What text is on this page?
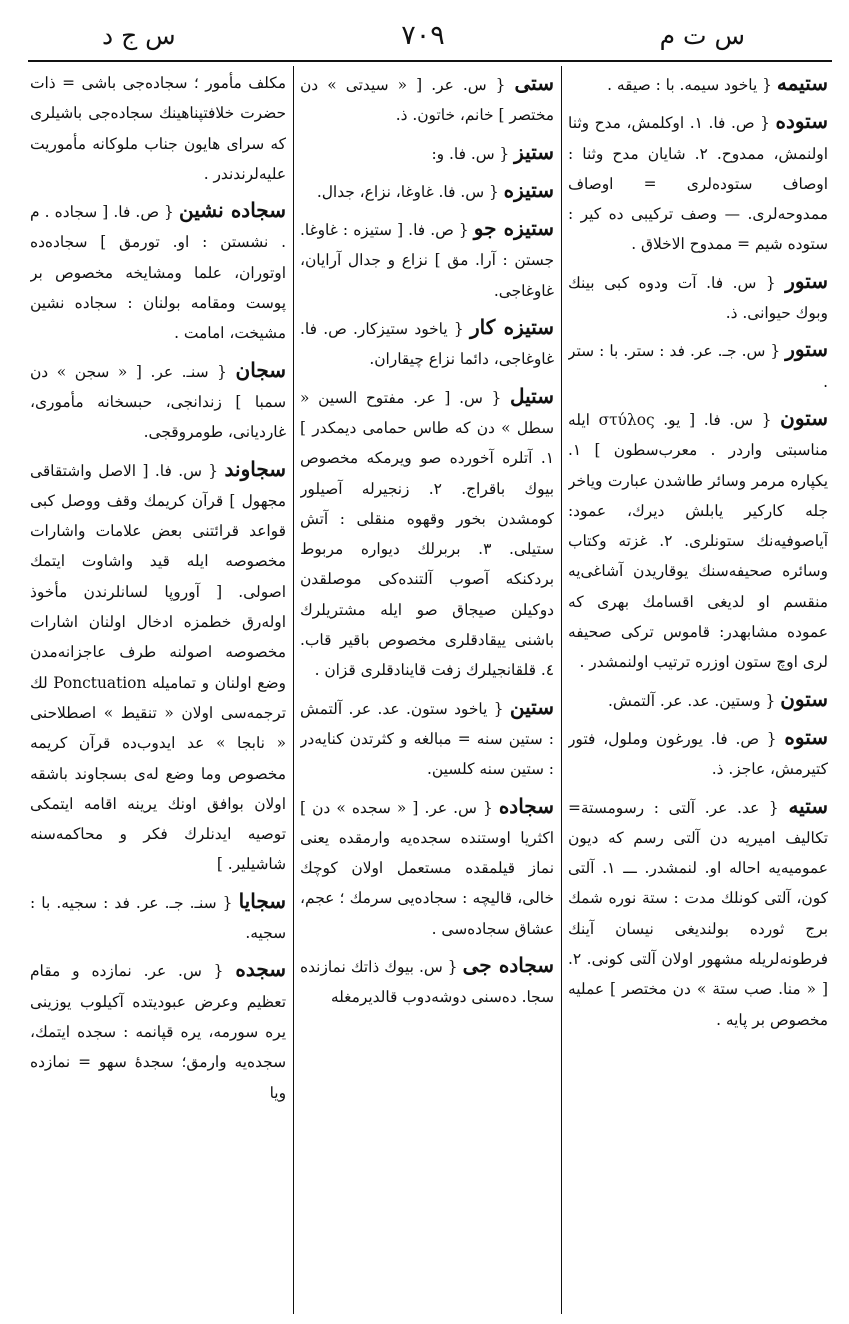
س ت م
٧٠٩
س ج د

ستيمه { ياخود سيمه. با : صيقه .

ستوده { ص. فا. ١. اوكلمش، مدح وثنا اولنمش، ممدوح. ٢. شايان مدح وثنا : اوصاف ستوده‌لرى = اوصاف ممدوحه‌لرى. — وصف تركيبى ده ﻛﻴﺮ : ستوده شيم = ممدوح الاخلاق .

ستور { س. فا. آت ودوه كبى بينك وبوك حيوانى. ذ.

ستور { س. جـ. عر. فد : ستر. با : ستر .

ستون { س. فا. [ يو. στύλος ايله مناسبتى واردر . معرب‌سطون ] ١. يكپاره مرمر وسائر طاشدن عبارت وياخر جله كاركير يابلش ديرك، عمود: آياصوفيه‌نك ستونلرى. ٢. غزته وكتاب وسائره صحيفه‌سنك يوقاريدن آشاغى‌يه منقسم او لديغى اقسامك بهرى كه عموده مشابهدر: قاموس تركى صحيفه لرى اوچ ستون اوزره ترتيب اولنمشدر .

ستون { وستين. عد. عر. آلتمش.

ستوه { ص. فا. يورغون وملول، فتور كتيرمش، عاجز. ذ.

ستيه { عد. عر. آلتى : رسومستة= تكاليف اميريه دن آلتى رسم كه ديون عموميه‌يه احاله او. لنمشدر. ـــ ١. آلتى كون، آلتى كونلك مدت : ستة نوره شمك برج ثورده بولنديغى نيسان آينك فرطونه‌لريله مشهور اولان آلتى كونى. ٢. [ « منا. صب ستة » دن مختصر ] عمليه مخصوص بر پايه .

ستى { س. عر. [ « سيدتى » دن مختصر ] خانم، خاتون. ذ.

ستيز { س. فا. و:

ستيزه { س. فا. غاوغا، نزاع، جدال.

ستيزه جو { ص. فا. [ ستيزه : غاوغا. جستن : آرا. مق ] نزاع و جدال آرايان، غاوغاجى.

ستيزه كار { ياخود ستيزكار. ص. فا. غاوغاجى، دائما نزاع چيقاران.

ستيل { س. [ عر. مفتوح السين « سطل » دن كه طاس حمامى ديمكدر ] ١. آتلره آخورده صو ويرمكه مخصوص بيوك باقراج. ٢. زنجيرله آصيلور كومشدن بخور وقهوه منقلى : آتش ستيلى. ٣. بربرلك ديواره مربوط بردكنكه آصوب آلتنده‌كى موصلقدن دوكيلن صيجاق صو ايله مشتريلرك باشنى ييقادقلرى مخصوص باقير قاب. ٤. قلقانجيلرك زفت قاينادقلرى قزان .

ستين { ياخود ستون. عد. عر. آلتمش : ستين سنه = مبالغه و كثرتدن كنايه‌در : ستين سنه كلسين.

سجاده { س. عر. [ « سجده » دن ] اكثريا اوستنده سجده‌يه وارمقده يعنى نماز قيلمقده مستعمل اولان كوچك خالى، قاليچه : سجاده‌يى سرمك ؛ عجم، عشاق سجاده‌سى .

سجاده جى { س. بيوك ذاتك نمازنده سجا. ده‌سنى دوشه‌دوب قالديرمغله

مكلف مأمور ؛ سجاده‌جى باشى = ذات حضرت خلافتپناهينك سجاده‌جى باشيلرى كه سراى هايون جناب ملوكانه مأموريت عليه‌لرندندر .

سجاده نشين { ص. فا. [ سجاده . م . نشستن : او. تورمق ] سجاده‌ده اوتوران، علما ومشايخه مخصوص بر پوست ومقامه بولنان : سجاده نشين مشيخت، امامت .

سجان { سنـ. عر. [ « سجن » دن سمبا ] زندانجى، حبسخانه مأمورى، غارديانى، طومروقجى.

سجاوند { س. فا. [ الاصل واشتقاقى مجهول ] قرآن كريمك وقف ووصل كبى قواعد قرائتنى بعض علامات واشارات مخصوصه ايله قيد واشاوت ايتمك اصولى. [ آوروپا لسانلرندن مأخوذ اوله‌رق خطمزه ادخال اولنان اشارات مخصوصه اصولنه طرف عاجزانه‌مدن وضع اولنان و تماميله Ponctuation لك ترجمه‌سى اولان « تنقيط » اصطلاحنى « نابجا » عد ايدوب‌ده قرآن كريمه مخصوص وما وضع له‌ى بسجاوند باشقه اولان بوافق اونك يرينه اقامه ايتمكى توصيه ايدنلرك فكر و محاكمه‌سنه شاشيلير. ]

سجايا { سنـ. جـ. عر. فد : سجيه. با : سجيه.

سجده { س. عر. نمازده و مقام تعظيم وعرض عبوديتده آكيلوب يوزينى يره سورمه، يره قپانمه : سجده ايتمك، سجده‌يه وارمق؛ سجدۀ سهو = نمازده ويا
